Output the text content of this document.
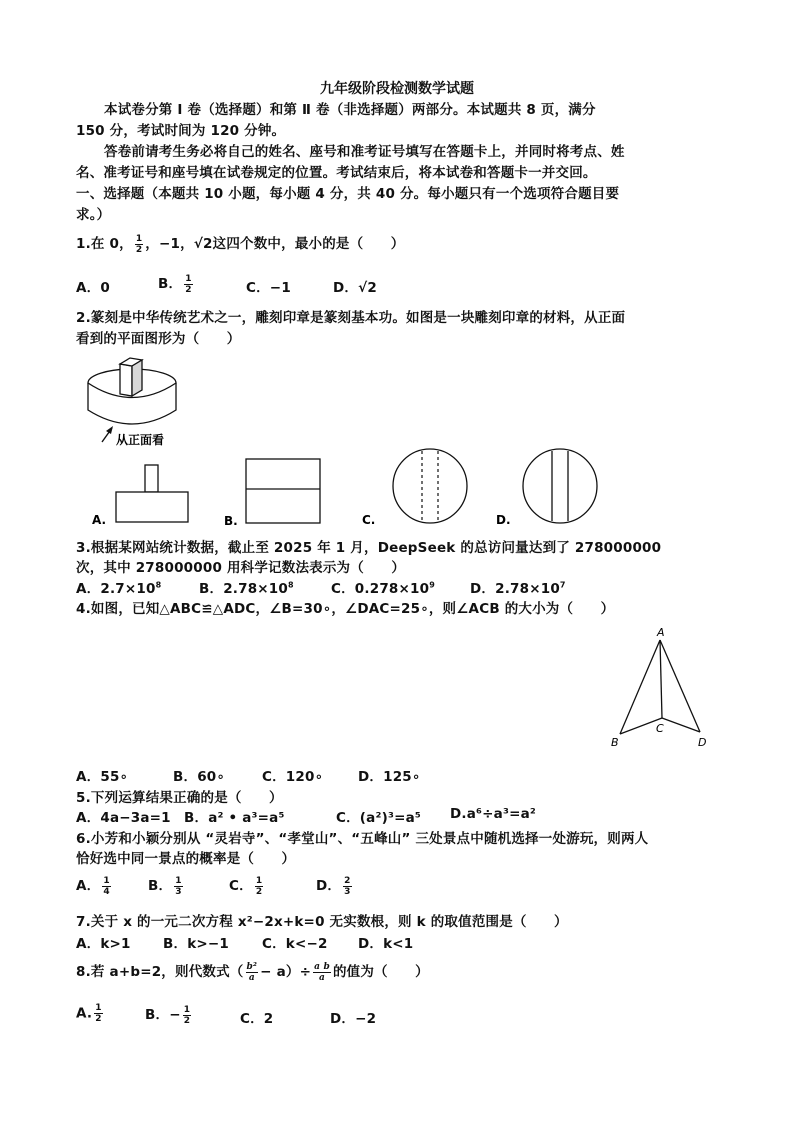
九年级阶段检测数学试题
本试卷分第 Ⅰ 卷（选择题）和第 Ⅱ 卷（非选择题）两部分。本试题共 8 页，满分
150 分，考试时间为 120 分钟。
答卷前请考生务必将自己的姓名、座号和准考证号填写在答题卡上，并同时将考点、姓
名、准考证号和座号填在试卷规定的位置。考试结束后，将本试卷和答题卡一并交回。
一、选择题（本题共 10 小题，每小题 4 分，共 40 分。每小题只有一个选项符合题目要
求。）
1.在 0， $\frac{1}{2}$ ，−1，√2这四个数中，最小的是（　　）
A．0	B． $\frac{1}{2}$	C．−1	D．√2
2.篆刻是中华传统艺术之一，雕刻印章是篆刻基本功。如图是一块雕刻印章的材料，从正面
看到的平面图形为（　　）
从正面看
A.	B.	C.	D.
3.根据某网站统计数据，截止至 2025 年 1 月，DeepSeek 的总访问量达到了 278000000
次，其中 278000000 用科学记数法表示为（　　）
A．$2.7\times 10^8$	B．$2.78\times 10^8$	C．$0.278\times 10^9$	D．$2.78\times 10^7$
4.如图，已知△ABC≌△ADC，∠B=30∘，∠DAC=25∘，则∠ACB 的大小为（　　）
A
B
C
D
A．55∘	B．60∘	C．120∘	D．125∘
5.下列运算结果正确的是（　　）
A．4a−3a=1 B．a² • a³=a⁵	C．(a²)³=a⁵ D.a⁶÷a³=a²
6.小芳和小颖分别从 “灵岩寺”、“孝堂山”、“五峰山” 三处景点中随机选择一处游玩，则两人
恰好选中同一景点的概率是（　　）
A． $\frac{1}{4}$	B． $\frac{1}{3}$	C． $\frac{1}{2}$	D． $\frac{2}{3}$
7.关于 x 的一元二次方程 x²−2x+k=0 无实数根，则 k 的取值范围是（　　）
A．k>1 B．k>−1 C．k<−2 D．k<1
8.若 a+b=2，则代数式（ $\frac{\text{b²}}{a} - a)\div \frac{\text{a b}}{a}$ 的值为（　　）
A. $\frac{1}{2}$	B．− $\frac{1}{2}$	C．2	D．−2
